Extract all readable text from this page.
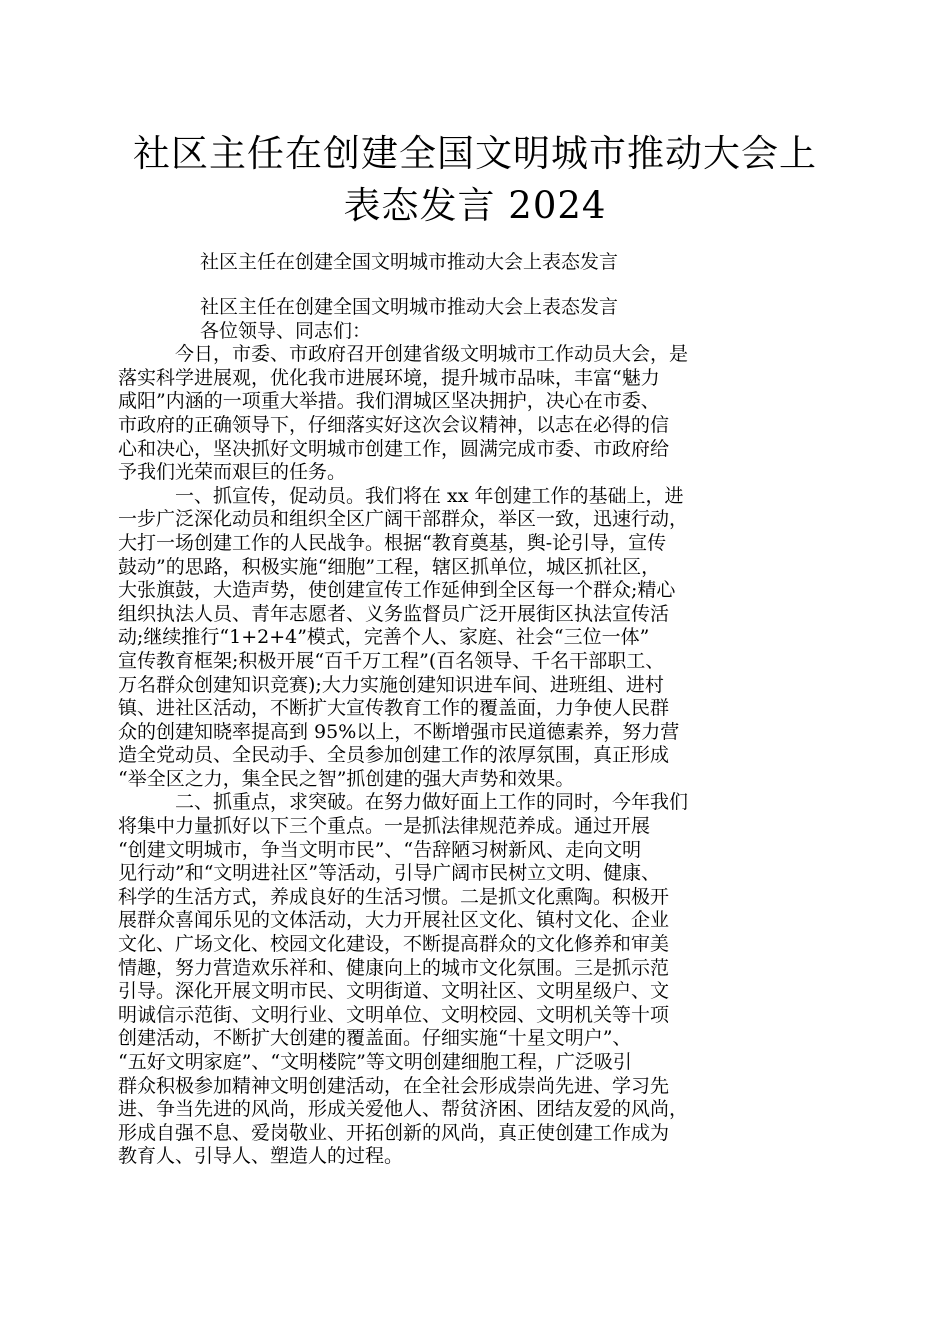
社区主任在创建全国文明城市推动大会上
表态发言 2024

社区主任在创建全国文明城市推动大会上表态发言

社区主任在创建全国文明城市推动大会上表态发言
各位领导、同志们：
今日，市委、市政府召开创建省级文明城市工作动员大会，是
落实科学进展观，优化我市进展环境，提升城市品味，丰富“魅力
咸阳”内涵的一项重大举措。我们渭城区坚决拥护，决心在市委、
市政府的正确领导下，仔细落实好这次会议精神，以志在必得的信
心和决心，坚决抓好文明城市创建工作，圆满完成市委、市政府给
予我们光荣而艰巨的任务。
一、抓宣传，促动员。我们将在 xx 年创建工作的基础上，进
一步广泛深化动员和组织全区广阔干部群众，举区一致，迅速行动，
大打一场创建工作的人民战争。根据“教育奠基，舆-论引导，宣传
鼓动”的思路，积极实施“细胞”工程，辖区抓单位，城区抓社区，
大张旗鼓，大造声势，使创建宣传工作延伸到全区每一个群众;精心
组织执法人员、青年志愿者、义务监督员广泛开展街区执法宣传活
动;继续推行“1+2+4”模式，完善个人、家庭、社会“三位一体”
宣传教育框架;积极开展“百千万工程”(百名领导、千名干部职工、
万名群众创建知识竞赛);大力实施创建知识进车间、进班组、进村
镇、进社区活动，不断扩大宣传教育工作的覆盖面，力争使人民群
众的创建知晓率提高到 95%以上，不断增强市民道德素养，努力营
造全党动员、全民动手、全员参加创建工作的浓厚氛围，真正形成
“举全区之力，集全民之智”抓创建的强大声势和效果。
二、抓重点，求突破。在努力做好面上工作的同时，今年我们
将集中力量抓好以下三个重点。一是抓法律规范养成。通过开展
“创建文明城市，争当文明市民”、“告辞陋习树新风、走向文明
见行动”和“文明进社区”等活动，引导广阔市民树立文明、健康、
科学的生活方式，养成良好的生活习惯。二是抓文化熏陶。积极开
展群众喜闻乐见的文体活动，大力开展社区文化、镇村文化、企业
文化、广场文化、校园文化建设，不断提高群众的文化修养和审美
情趣，努力营造欢乐祥和、健康向上的城市文化氛围。三是抓示范
引导。深化开展文明市民、文明街道、文明社区、文明星级户、文
明诚信示范街、文明行业、文明单位、文明校园、文明机关等十项
创建活动，不断扩大创建的覆盖面。仔细实施“十星文明户”、
“五好文明家庭”、“文明楼院”等文明创建细胞工程，广泛吸引
群众积极参加精神文明创建活动，在全社会形成崇尚先进、学习先
进、争当先进的风尚，形成关爱他人、帮贫济困、团结友爱的风尚，
形成自强不息、爱岗敬业、开拓创新的风尚，真正使创建工作成为
教育人、引导人、塑造人的过程。
